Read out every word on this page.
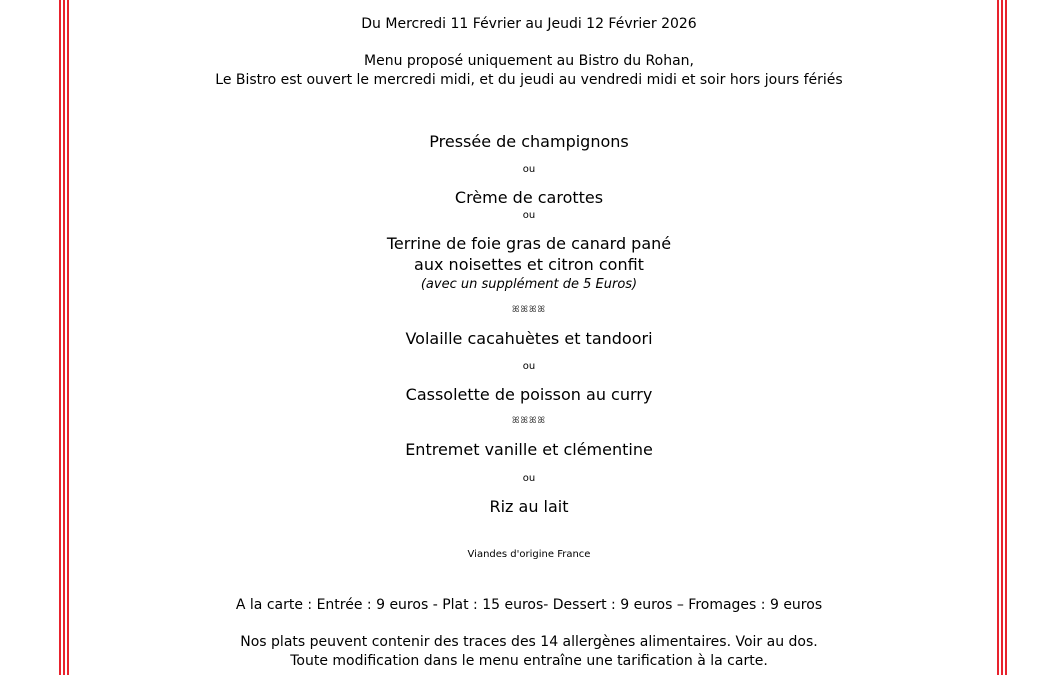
Du Mercredi 11 Février au Jeudi 12 Février 2026
Menu proposé uniquement au Bistro du Rohan,
Le Bistro est ouvert le mercredi midi, et du jeudi au vendredi midi et soir hors jours fériés
Pressée de champignons
ou
Crème de carottes
ou
Terrine de foie gras de canard pané
aux noisettes et citron confit
(avec un supplément de 5 Euros)
ꕤꕤꕤꕤ
Volaille cacahuètes et tandoori
ou
Cassolette de poisson au curry
ꕤꕤꕤꕤ
Entremet vanille et clémentine
ou
Riz au lait
Viandes d'origine France
A la carte : Entrée : 9 euros - Plat : 15 euros- Dessert : 9 euros – Fromages : 9 euros
Nos plats peuvent contenir des traces des 14 allergènes alimentaires. Voir au dos.
Toute modification dans le menu entraîne une tarification à la carte.
